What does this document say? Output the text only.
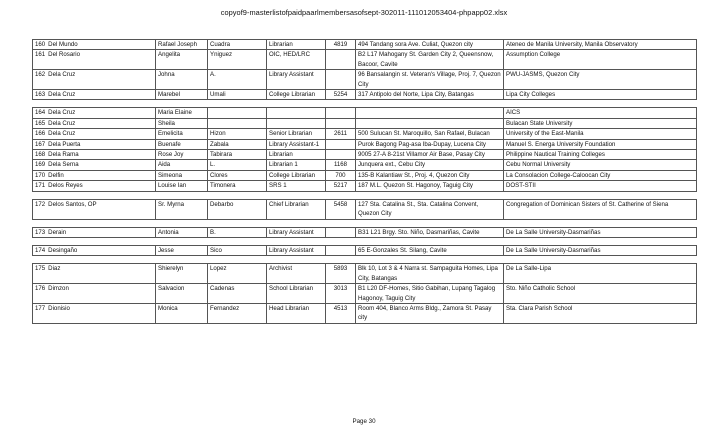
copyof9-masterlistofpaidpaarlmembersasofsept-302011-111012053404-phpapp02.xlsx
160 Del Mundo	Rafael Joseph	Cuadra	Librarian	4819	494 Tandang sora Ave. Culiat, Quezon city	Ateneo de Manila University, Manila Observatory
161 Del Rosario	Angelita	Yniguez	OIC, HED/LRC		B2 L17 Mahogany St. Garden City 2, Queensnow, Bacoor, Cavite	Assumption College
162 Dela Cruz	Johna	A.	Library Assistant		96 Bansalangin st. Veteran's Village, Proj. 7, Quezon City	PWU-JASMS, Quezon City
163 Dela Cruz	Marebel	Umali	College Librarian	5254	317 Antipolo del Norte, Lipa City, Batangas	Lipa City Colleges

164 Dela Cruz	Maria Elaine					AICS
165 Dela Cruz	Sheila					Bulacan State University
166 Dela Cruz	Emelicita	Hizon	Senior Librarian	2611	500 Sulucan St. Maroquillo, San Rafael, Bulacan	University of the East-Manila
167 Dela Puerta	Buenafe	Zabala	Library Assistant-1		Purok Bagong Pag-asa Iba-Dupay, Lucena City	Manuel S. Energa University Foundation
168 Dela Rama	Rose Joy	Tabirara	Librarian		9005 27-A 8-21st Villamor Air Base, Pasay City	Philippine Nautical Training Colleges
169 Dela Serna	Aida	L.	Librarian 1	1168	Junquera ext., Cebu City	Cebu Normal University
170 Delfin	Simeona	Clores	College Librarian	700	135-B Kalantiaw St., Proj. 4, Quezon City	La Consolacion College-Caloocan City
171 Delos Reyes	Louise Ian	Timonera	SRS 1	5217	187 M.L. Quezon St. Hagonoy, Taguig City	DOST-STII

172 Delos Santos, OP	Sr. Myrna	Debarbo	Chief Librarian	5458	127 Sta. Catalina St., Sta. Catalina Convent, Quezon City	Congregation of Dominican Sisters of St. Catherine of Siena

173 Derain	Antonia	B.	Library Assistant		B31 L21 Brgy. Sto. Niño, Dasmariñas, Cavite	De La Salle University-Dasmariñas

174 Desingaño	Jesse	Sico	Library Assistant		65 E-Gonzales St. Silang, Cavite	De La Salle University-Dasmariñas

175 Diaz	Shierelyn	Lopez	Archivist	5893	Blk 10, Lot 3 & 4 Narra st. Sampaguita Homes, Lipa City, Batangas	De La Salle-Lipa
176 Dimzon	Salvacion	Cadenas	School Librarian	3013	B1 L20 DF-Homes, Sitio Gabihan, Lupang Tagalog Hagonoy, Taguig City	Sto. Niño Catholic School
177 Dionisio	Monica	Fernandez	Head Librarian	4513	Room 404, Blanco Arms Bldg., Zamora St. Pasay city	Sta. Clara Parish School
Page 30
